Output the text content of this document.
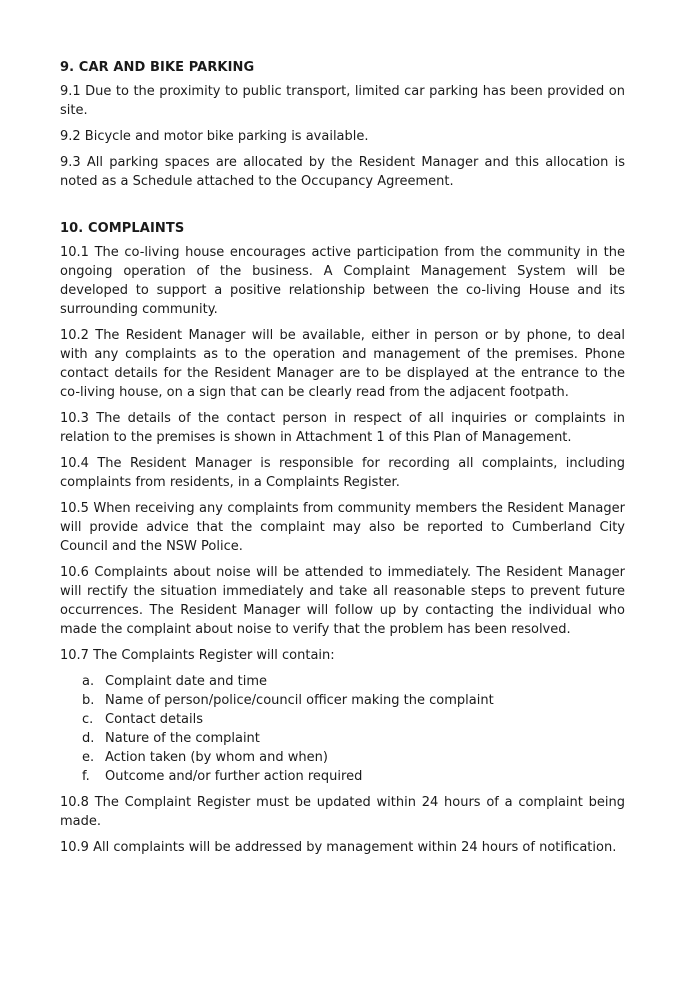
9. CAR AND BIKE PARKING

9.1 Due to the proximity to public transport, limited car parking has been provided on site.

9.2 Bicycle and motor bike parking is available.

9.3 All parking spaces are allocated by the Resident Manager and this allocation is noted as a Schedule attached to the Occupancy Agreement.

10. COMPLAINTS

10.1 The co-living house encourages active participation from the community in the ongoing operation of the business. A Complaint Management System will be developed to support a positive relationship between the co-living House and its surrounding community.

10.2 The Resident Manager will be available, either in person or by phone, to deal with any complaints as to the operation and management of the premises. Phone contact details for the Resident Manager are to be displayed at the entrance to the co-living house, on a sign that can be clearly read from the adjacent footpath.

10.3 The details of the contact person in respect of all inquiries or complaints in relation to the premises is shown in Attachment 1 of this Plan of Management.

10.4 The Resident Manager is responsible for recording all complaints, including complaints from residents, in a Complaints Register.

10.5 When receiving any complaints from community members the Resident Manager will provide advice that the complaint may also be reported to Cumberland City Council and the NSW Police.

10.6 Complaints about noise will be attended to immediately. The Resident Manager will rectify the situation immediately and take all reasonable steps to prevent future occurrences. The Resident Manager will follow up by contacting the individual who made the complaint about noise to verify that the problem has been resolved.

10.7 The Complaints Register will contain:

a. Complaint date and time
b. Name of person/police/council officer making the complaint
c. Contact details
d. Nature of the complaint
e. Action taken (by whom and when)
f.	Outcome and/or further action required

10.8 The Complaint Register must be updated within 24 hours of a complaint being made.

10.9 All complaints will be addressed by management within 24 hours of notification.
